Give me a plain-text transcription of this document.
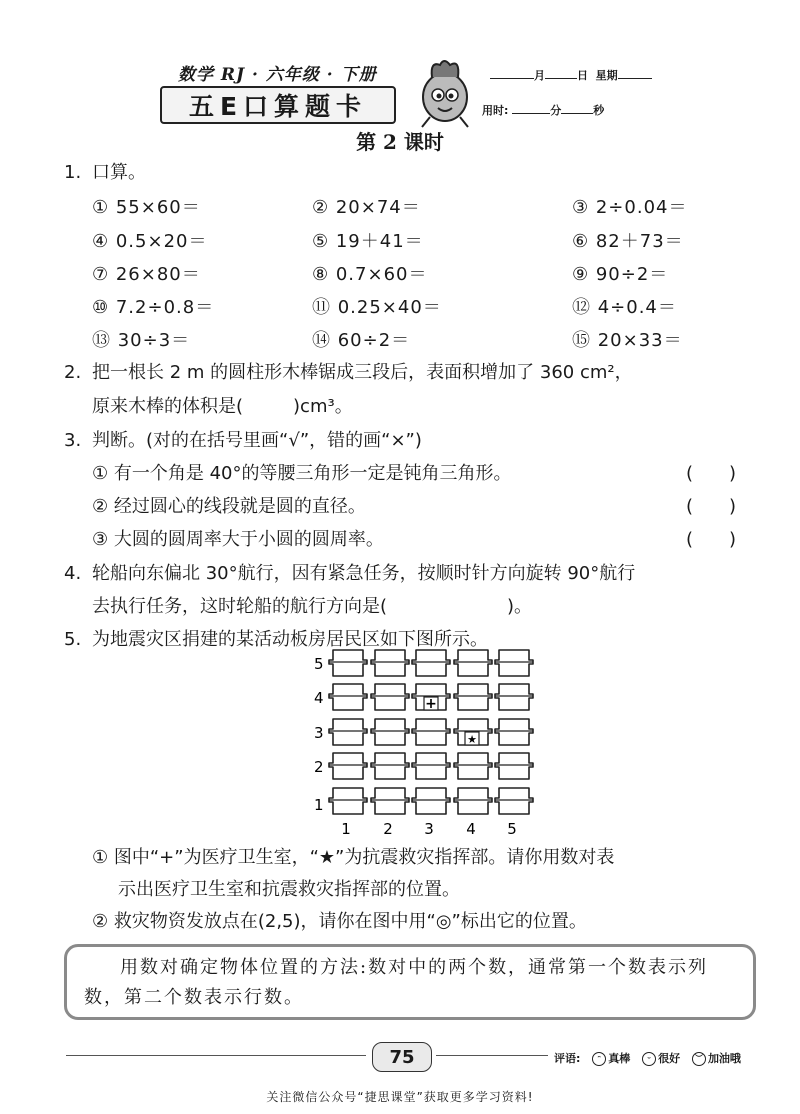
数学 RJ · 六年级 · 下册
五E口算题卡
月	日 星期
用时:	分	秒
第 2 课时
1. 口算。
① 55×60＝	② 20×74＝	③ 2÷0.04＝
④ 0.5×20＝	⑤ 19＋41＝	⑥ 82＋73＝
⑦ 26×80＝	⑧ 0.7×60＝	⑨ 90÷2＝
⑩ 7.2÷0.8＝	⑪ 0.25×40＝	⑫ 4÷0.4＝
⑬ 30÷3＝	⑭ 60÷2＝	⑮ 20×33＝
2. 把一根长 2 m 的圆柱形木棒锯成三段后，表面积增加了 360 cm²，
原来木棒的体积是(	)cm³。
3. 判断。(对的在括号里画“√”，错的画“×”)
① 有一个角是 40°的等腰三角形一定是钝角三角形。	(　　)
② 经过圆心的线段就是圆的直径。	(　　)
③ 大圆的圆周率大于小圆的圆周率。	(　　)
4. 轮船向东偏北 30°航行，因有紧急任务，按顺时针方向旋转 90°航行
去执行任务，这时轮船的航行方向是(	)。
5. 为地震灾区捐建的某活动板房居民区如下图所示。
5
4
3
2
1
+
★
1 2 3 4 5
① 图中“+”为医疗卫生室，“★”为抗震救灾指挥部。请你用数对表
示出医疗卫生室和抗震救灾指挥部的位置。
② 救灾物资发放点在(2,5)，请你在图中用“◎”标出它的位置。
用数对确定物体位置的方法:数对中的两个数，通常第一个数表示列数，第二个数表示行数。
75	评语: ᵔ 真棒 ᵕ 很好 ︶ 加油哦
关注微信公众号“捷思课堂”获取更多学习资料!
